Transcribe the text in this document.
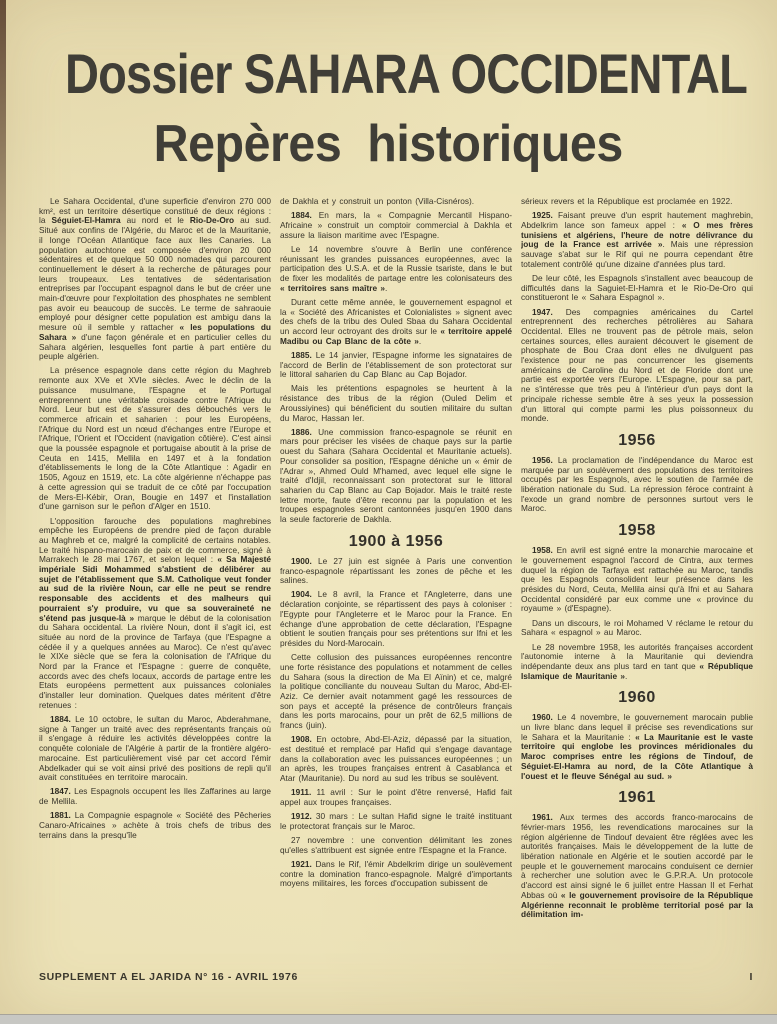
Dossier SAHARA OCCIDENTAL
Repères historiques

Le Sahara Occidental, d'une superficie d'environ 270 000 km², est un territoire désertique constitué de deux régions : la Séguiet-El-Hamra au nord et le Rio-De-Oro au sud. Situé aux confins de l'Algérie, du Maroc et de la Mauritanie, il longe l'Océan Atlantique face aux Iles Canaries. La population autochtone est composée d'environ 20 000 sédentaires et de quelque 50 000 nomades qui parcourent continuellement le désert à la recherche de pâturages pour leurs troupeaux. Les tentatives de sédentarisation entreprises par l'occupant espagnol dans le but de créer une main-d'œuvre pour l'exploitation des phosphates ne semblent pas avoir eu beaucoup de succès. Le terme de sahraouie employé pour désigner cette population est ambigu dans la mesure où il semble y rattacher « les populations du Sahara » d'une façon générale et en particulier celles du Sahara algérien, lesquelles font partie à part entière du peuple algérien.

La présence espagnole dans cette région du Maghreb remonte aux XVe et XVIe siècles. Avec le déclin de la puissance musulmane, l'Espagne et le Portugal entreprennent une véritable croisade contre l'Afrique du Nord. Leur but est de s'assurer des débouchés vers le commerce africain et saharien : pour les Européens, l'Afrique du Nord est un nœud d'échanges entre l'Europe et l'Afrique, l'Orient et l'Occident (navigation côtière). C'est ainsi que la poussée espagnole et portugaise aboutit à la prise de Ceuta en 1415, Mellila en 1497 et à la fondation d'établissements le long de la Côte Atlantique : Agadir en 1505, Agouz en 1519, etc. La côte algérienne n'échappe pas à cette agression qui se traduit de ce côté par l'occupation de Mers-El-Kébir, Oran, Bougie en 1497 et l'installation d'une garnison sur le peñon d'Alger en 1510.

L'opposition farouche des populations maghrebines empêche les Européens de prendre pied de façon durable au Maghreb et ce, malgré la complicité de certains notables. Le traité hispano-marocain de paix et de commerce, signé à Marrakech le 28 mai 1767, et selon lequel : « Sa Majesté impériale Sidi Mohammed s'abstient de délibérer au sujet de l'établissement que S.M. Catholique veut fonder au sud de la rivière Noun, car elle ne peut se rendre responsable des accidents et des malheurs qui pourraient s'y produire, vu que sa souveraineté ne s'étend pas jusque-là » marque le début de la colonisation du Sahara occidental. La rivière Noun, dont il s'agit ici, est située au nord de la province de Tarfaya (que l'Espagne a cédée il y a quelques années au Maroc). Ce n'est qu'avec le XIXe siècle que se fera la colonisation de l'Afrique du Nord par la France et l'Espagne : guerre de conquête, accords avec des chefs locaux, accords de partage entre les Etats européens permettent aux puissances coloniales d'installer leur domination. Quelques dates méritent d'être retenues :

1884. Le 10 octobre, le sultan du Maroc, Abderahmane, signe à Tanger un traité avec des représentants français où il s'engage à réduire les activités développées contre la conquête coloniale de l'Algérie à partir de la frontière algéro-marocaine. Est particulièrement visé par cet accord l'émir Abdelkader qui se voit ainsi privé des positions de repli qu'il avait constituées en territoire marocain.

1847. Les Espagnols occupent les Iles Zaffarines au large de Mellila.

1881. La Compagnie espagnole « Société des Pêcheries Canaro-Africaines » achète à trois chefs de tribus des terrains dans la presqu'île

de Dakhla et y construit un ponton (Villa-Cisnéros).

1884. En mars, la « Compagnie Mercantil Hispano-Africaine » construit un comptoir commercial à Dakhla et assure la liaison maritime avec l'Espagne.

Le 14 novembre s'ouvre à Berlin une conférence réunissant les grandes puissances européennes, avec la participation des U.S.A. et de la Russie tsariste, dans le but de fixer les modalités de partage entre les colonisateurs des « territoires sans maître ».

Durant cette même année, le gouvernement espagnol et la « Société des Africanistes et Colonialistes » signent avec des chefs de la tribu des Ouled Sbaa du Sahara Occidental un accord leur octroyant des droits sur le « territoire appelé Madibu ou Cap Blanc de la côte ».

1885. Le 14 janvier, l'Espagne informe les signataires de l'accord de Berlin de l'établissement de son protectorat sur le littoral saharien du Cap Blanc au Cap Bojador.

Mais les prétentions espagnoles se heurtent à la résistance des tribus de la région (Ouled Delim et Aroussiyines) qui bénéficient du soutien militaire du sultan du Maroc, Hassan Ier.

1886. Une commission franco-espagnole se réunit en mars pour préciser les visées de chaque pays sur la partie ouest du Sahara (Sahara Occidental et Mauritanie actuels). Pour consolider sa position, l'Espagne déniche un « émir de l'Adrar », Ahmed Ould M'hamed, avec lequel elle signe le traité d'Idjil, reconnaissant son protectorat sur le littoral saharien du Cap Blanc au Cap Bojador. Mais le traité reste lettre morte, faute d'être reconnu par la population et les troupes espagnoles seront cantonnées jusqu'en 1900 dans la seule factorerie de Dakhla.

1900 à 1956

1900. Le 27 juin est signée à Paris une convention franco-espagnole répartissant les zones de pêche et les salines.

1904. Le 8 avril, la France et l'Angleterre, dans une déclaration conjointe, se répartissent des pays à coloniser : l'Egypte pour l'Angleterre et le Maroc pour la France. En échange d'une approbation de cette déclaration, l'Espagne obtient le soutien français pour ses prétentions sur Ifni et les présides du Nord-Marocain.

Cette collusion des puissances européennes rencontre une forte résistance des populations et notamment de celles du Sahara (sous la direction de Ma El Aïnin) et ce, malgré la politique conciliante du nouveau Sultan du Maroc, Abd-El-Aziz. Ce dernier avait notamment gagé les ressources de son pays et accepté la présence de contrôleurs français dans les ports marocains, pour un prêt de 62,5 millions de francs (juin).

1908. En octobre, Abd-El-Aziz, dépassé par la situation, est destitué et remplacé par Hafid qui s'engage davantage dans la collaboration avec les puissances européennes ; un an après, les troupes françaises entrent à Casablanca et Atar (Mauritanie). Du nord au sud les tribus se soulèvent.

1911. 11 avril : Sur le point d'être renversé, Hafid fait appel aux troupes françaises.

1912. 30 mars : Le sultan Hafid signe le traité instituant le protectorat français sur le Maroc.

27 novembre : une convention délimitant les zones qu'elles s'attribuent est signée entre l'Espagne et la France.

1921. Dans le Rif, l'émir Abdelkrim dirige un soulèvement contre la domination franco-espagnole. Malgré d'importants moyens militaires, les forces d'occupation subissent de

sérieux revers et la République est proclamée en 1922.

1925. Faisant preuve d'un esprit hautement maghrebin, Abdelkrim lance son fameux appel : « O mes frères tunisiens et algériens, l'heure de notre délivrance du joug de la France est arrivée ». Mais une répression sauvage s'abat sur le Rif qui ne pourra cependant être totalement contrôlé qu'une dizaine d'années plus tard.

De leur côté, les Espagnols s'installent avec beaucoup de difficultés dans la Saguiet-El-Hamra et le Rio-De-Oro qui constitueront le « Sahara Espagnol ».

1947. Des compagnies américaines du Cartel entreprennent des recherches pétrolières au Sahara Occidental. Elles ne trouvent pas de pétrole mais, selon certaines sources, elles auraient découvert le gisement de phosphate de Bou Craa dont elles ne divulguent pas l'existence pour ne pas concurrencer les gisements américains de Caroline du Nord et de Floride dont une partie est exportée vers l'Europe. L'Espagne, pour sa part, ne s'intéresse que très peu à l'intérieur d'un pays dont la principale richesse semble être à ses yeux la possession d'un littoral qui compte parmi les plus poissonneux du monde.

1956

1956. La proclamation de l'indépendance du Maroc est marquée par un soulèvement des populations des territoires occupés par les Espagnols, avec le soutien de l'armée de libération nationale du Sud. La répression féroce contraint à l'exode un grand nombre de personnes surtout vers le Maroc.

1958

1958. En avril est signé entre la monarchie marocaine et le gouvernement espagnol l'accord de Cintra, aux termes duquel la région de Tarfaya est rattachée au Maroc, tandis que les Espagnols consolident leur présence dans les présides du Nord, Ceuta, Mellila ainsi qu'à Ifni et au Sahara Occidental considéré par eux comme une « province du royaume » (d'Espagne).

Dans un discours, le roi Mohamed V réclame le retour du Sahara « espagnol » au Maroc.

Le 28 novembre 1958, les autorités françaises accordent l'autonomie interne à la Mauritanie qui deviendra indépendante deux ans plus tard en tant que « République Islamique de Mauritanie ».

1960

1960. Le 4 novembre, le gouvernement marocain publie un livre blanc dans lequel il précise ses revendications sur le Sahara et la Mauritanie : « La Mauritanie est le vaste territoire qui englobe les provinces méridionales du Maroc comprises entre les régions de Tindouf, de Séguiet-El-Hamra au nord, de la Côte Atlantique à l'ouest et le fleuve Sénégal au sud. »

1961

1961. Aux termes des accords franco-marocains de février-mars 1956, les revendications marocaines sur la région algérienne de Tindouf devaient être réglées avec les autorités françaises. Mais le développement de la lutte de libération nationale en Algérie et le soutien accordé par le peuple et le gouvernement marocains conduisent ce dernier à rechercher une solution avec le G.P.R.A. Un protocole d'accord est ainsi signé le 6 juillet entre Hassan II et Ferhat Abbas où « le gouvernement provisoire de la République Algérienne reconnait le problème territorial posé par la délimitation im-

SUPPLEMENT A EL JARIDA N° 16 - AVRIL 1976	I
